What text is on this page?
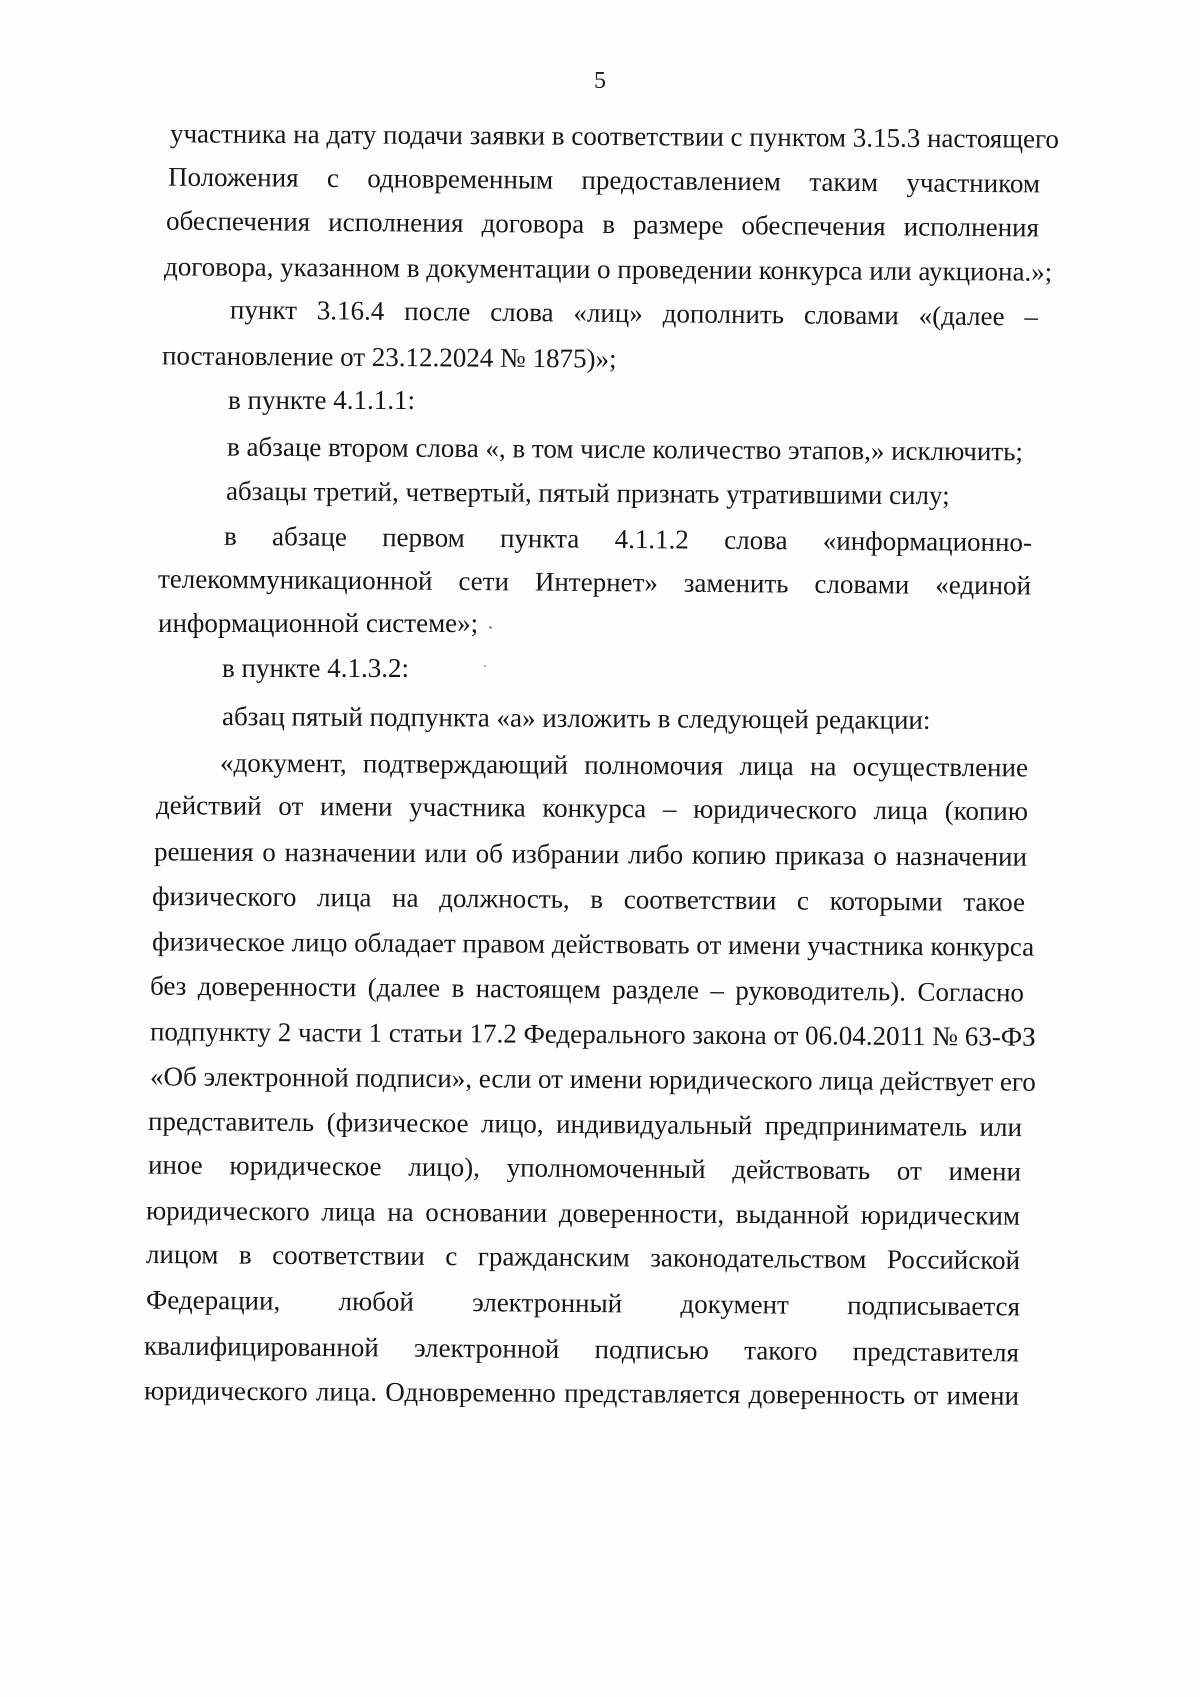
5
участника на дату подачи заявки в соответствии с пунктом 3.15.3 настоящего
Положения с одновременным предоставлением таким участником
обеспечения исполнения договора в размере обеспечения исполнения
договора, указанном в документации о проведении конкурса или аукциона.»;
пункт 3.16.4 после слова «лиц» дополнить словами «(далее –
постановление от 23.12.2024 № 1875)»;
в пункте 4.1.1.1:
в абзаце втором слова «, в том числе количество этапов,» исключить;
абзацы третий, четвертый, пятый признать утратившими силу;
в абзаце первом пункта 4.1.1.2 слова «информационно-
телекоммуникационной сети Интернет» заменить словами «единой
информационной системе»;
в пункте 4.1.3.2:
абзац пятый подпункта «а» изложить в следующей редакции:
«документ, подтверждающий полномочия лица на осуществление
действий от имени участника конкурса – юридического лица (копию
решения о назначении или об избрании либо копию приказа о назначении
физического лица на должность, в соответствии с которыми такое
физическое лицо обладает правом действовать от имени участника конкурса
без доверенности (далее в настоящем разделе – руководитель). Согласно
подпункту 2 части 1 статьи 17.2 Федерального закона от 06.04.2011 № 63-ФЗ
«Об электронной подписи», если от имени юридического лица действует его
представитель (физическое лицо, индивидуальный предприниматель или
иное юридическое лицо), уполномоченный действовать от имени
юридического лица на основании доверенности, выданной юридическим
лицом в соответствии с гражданским законодательством Российской
Федерации, любой электронный документ подписывается
квалифицированной электронной подписью такого представителя
юридического лица. Одновременно представляется доверенность от имени
